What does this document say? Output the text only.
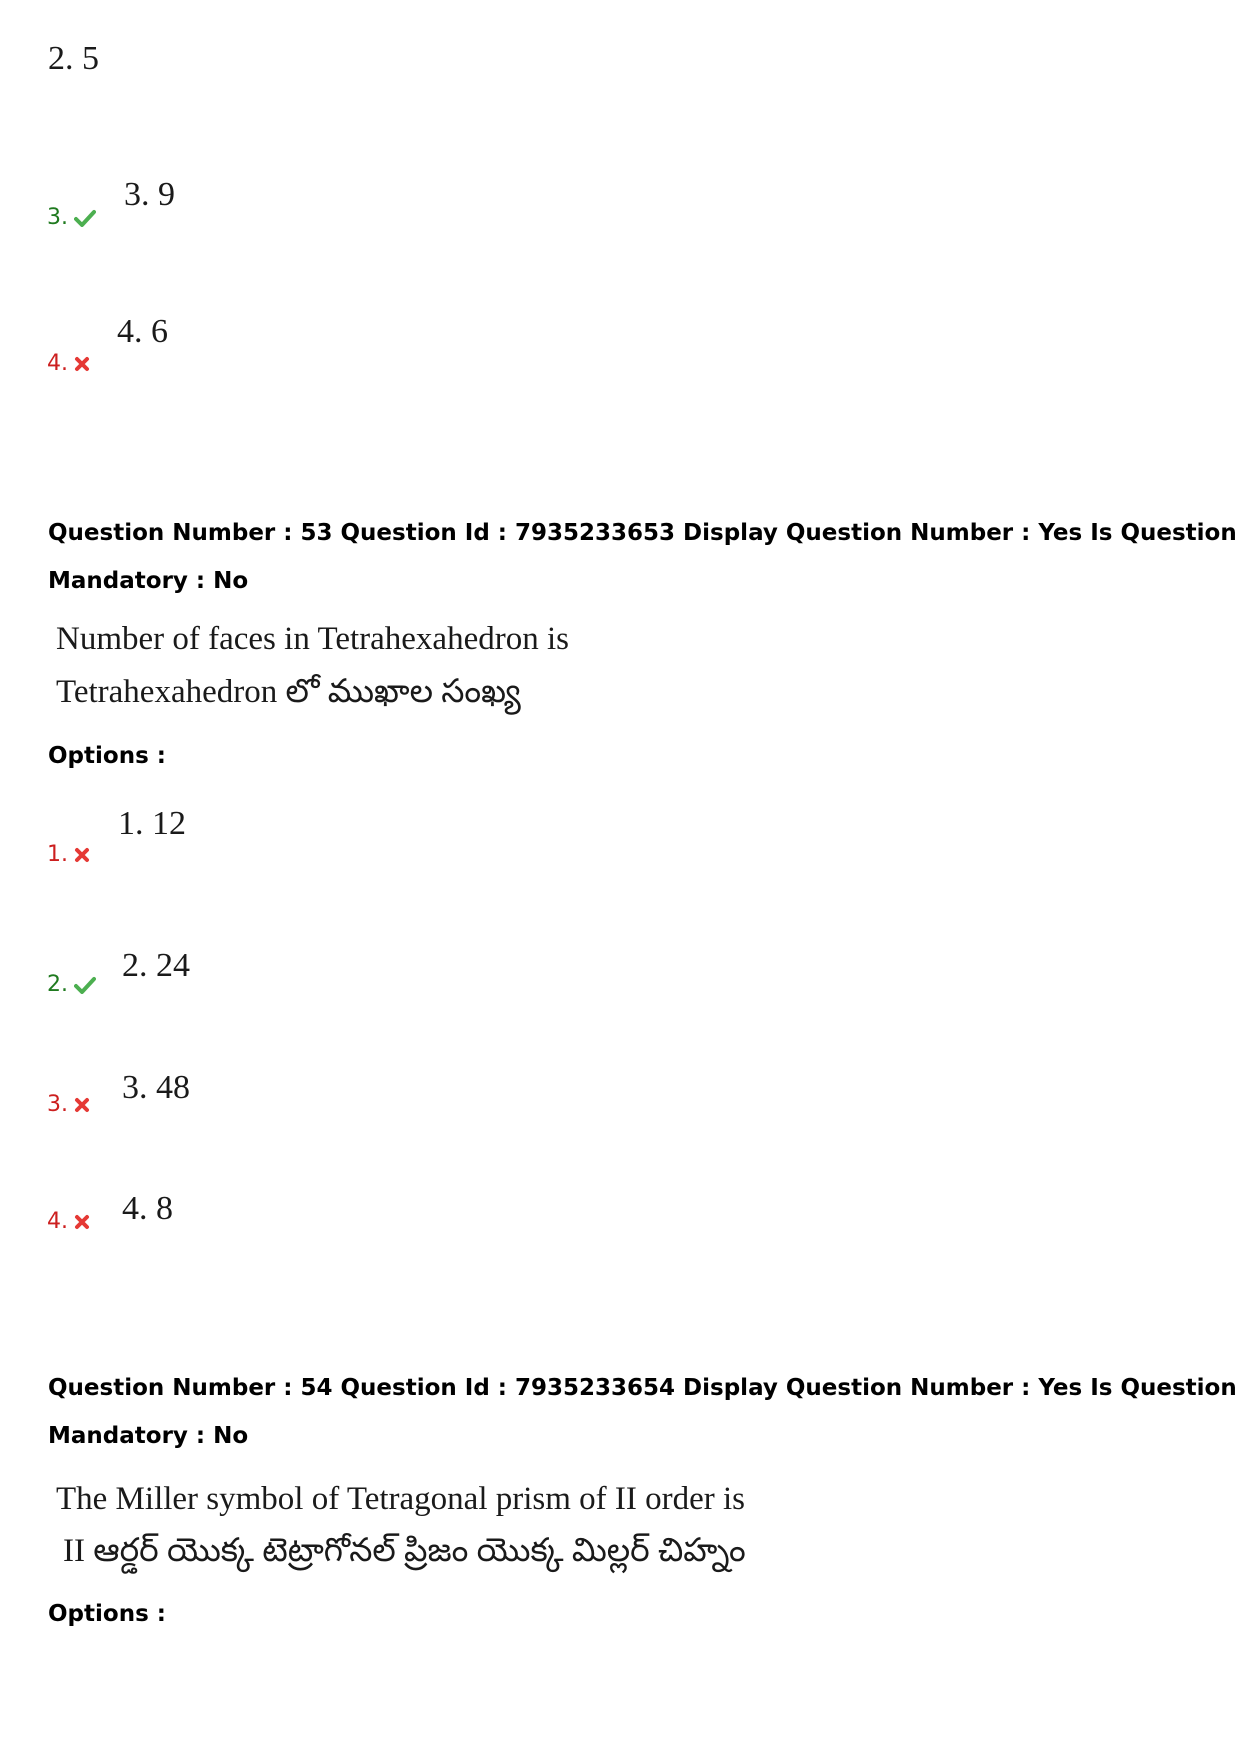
2. 5
3.
3. 9
4.
4. 6
Question Number : 53 Question Id : 7935233653 Display Question Number : Yes Is Question
Mandatory : No
Number of faces in Tetrahexahedron is
Tetrahexahedron లో ముఖాల సంఖ్య
Options :
1.
1. 12
2.
2. 24
3.	3. 48
4.	4. 8
Question Number : 54 Question Id : 7935233654 Display Question Number : Yes Is Question
Mandatory : No
The Miller symbol of Tetragonal prism of II order is
II ఆర్డర్ యొక్క టెట్రాగోనల్ ప్రిజం యొక్క మిల్లర్ చిహ్నం
Options :
